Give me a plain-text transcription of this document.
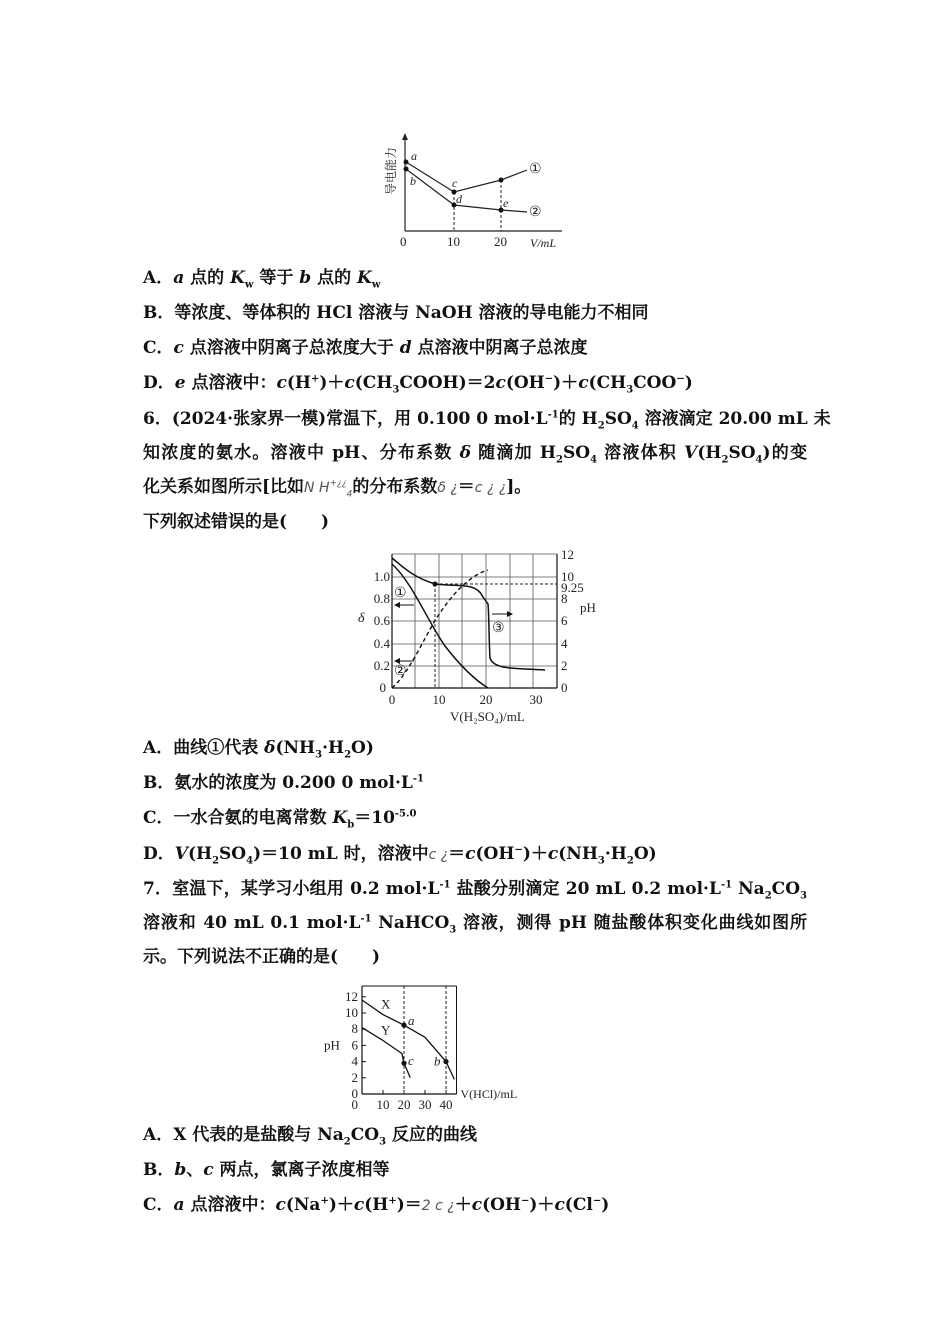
导电能力
0	10	20 V/mL
a
b	c
d	e
①
②
A．a 点的 $K_w$ 等于 b 点的 $K_w$
B．等浓度、等体积的 HCl 溶液与 NaOH 溶液的导电能力不相同
C．c 点溶液中阴离子总浓度大于 d 点溶液中阴离子总浓度
D．e 点溶液中：$c(H^+)+c(CH_3COOH)=2c(OH^-)+c(CH_3COO^-)$
6．(2024·张家界一模)常温下，用 0.100 0 $mol\cdot L^{-1}$的 $H_2SO_4$ 溶液滴定 20.00 mL 未
知浓度的氨水。溶液中 pH、分布系数 δ 随滴加 $H_2SO_4$ 溶液体积 $V(H_2SO_4)$的变
化关系如图所示[比如N $H^{+¿¿}_4$的分布系数δ ¿＝c ¿ ¿]。
下列叙述错误的是(　　)
①
②
③
0
0.2
0.4
0.6
0.8
1.0
δ
0
2
4
6
8
10
12
9.25
pH
0	10	20	30
V(H₂SO₄)/mL
A．曲线①代表 $\delta(NH_3\cdot H_2O)$
B．氨水的浓度为 0.200 0 $mol\cdot L^{-1}$
C．一水合氨的电离常数 $K_b=10^{-5.0}$
D．$V(H_2SO_4)=10$ mL 时，溶液中c ¿$=c(OH^-)+c(NH_3\cdot H_2O)$
7．室温下，某学习小组用 0.2 $mol\cdot L^{-1}$ 盐酸分别滴定 20 mL 0.2 $mol\cdot L^{-1}$ $Na_2CO_3$
溶液和 40 mL 0.1 $mol\cdot L^{-1}$ NaHCO$_3$ 溶液，测得 pH 随盐酸体积变化曲线如图所
示。下列说法不正确的是(　　)
0
2
4
6
8
10
12
10 20 30 40
0
pH
V(HCl)/mL
X
Y
a
b
c
A．X 代表的是盐酸与 $Na_2CO_3$ 反应的曲线
B．b、c 两点，氯离子浓度相等
C．a 点溶液中：c(Na+)＋c(H+)＝2 c ¿＋c(OH−)＋c(Cl−)
